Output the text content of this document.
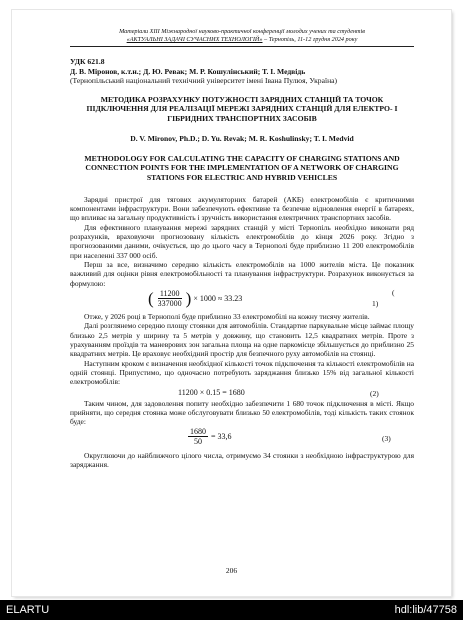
Матеріали XIII Міжнародної науково-практичної конференції молодих учених та студентів
«АКТУАЛЬНІ ЗАДАЧІ СУЧАСНИХ ТЕХНОЛОГІЙ» – Тернопіль, 11-12 грудня 2024 року
УДК 621.8
Д. В. Міронов, к.т.н.; Д. Ю. Ревак; М. Р. Кошулінський; Т. І. Медвідь
(Тернопільський національний технічний університет імені Івана Пулюя, Україна)
МЕТОДИКА РОЗРАХУНКУ ПОТУЖНОСТІ ЗАРЯДНИХ СТАНЦІЙ ТА ТОЧОК ПІДКЛЮЧЕННЯ ДЛЯ РЕАЛІЗАЦІЇ МЕРЕЖІ ЗАРЯДНИХ СТАНЦІЙ ДЛЯ ЕЛЕКТРО- І ГІБРИДНИХ ТРАНСПОРТНИХ ЗАСОБІВ
D. V. Mironov, Ph.D.; D. Yu. Revak; M. R. Koshulinsky; T. I. Medvid
METHODOLOGY FOR CALCULATING THE CAPACITY OF CHARGING STATIONS AND CONNECTION POINTS FOR THE IMPLEMENTATION OF A NETWORK OF CHARGING STATIONS FOR ELECTRIC AND HYBRID VEHICLES

Зарядні пристрої для тягових акумуляторних батарей (АКБ) електромобілів є критичними компонентами інфраструктури. Вони забезпечують ефективне та безпечне відновлення енергії в батареях, що впливає на загальну продуктивність і зручність використання електричних транспортних засобів.

Для ефективного планування мережі зарядних станцій у місті Тернопіль необхідно виконати ряд розрахунків, враховуючи прогнозовану кількість електромобілів до кінця 2026 року. Згідно з прогнозованими даними, очікується, що до цього часу в Тернополі буде приблизно 11 200 електромобілів при населенні 337 000 осіб.

Перш за все, визначимо середню кількість електромобілів на 1000 жителів міста. Це показник важливий для оцінки рівня електромобільності та планування інфраструктури. Розрахунок виконується за формулою:

( $\frac{11200}{337000}$ ) × 1000 ≈ 33.23
(
1)

Отже, у 2026 році в Тернополі буде приблизно 33 електромобілі на кожну тисячу жителів.

Далі розглянемо середню площу стоянки для автомобілів. Стандартне паркувальне місце займає площу близько 2,5 метрів у ширину та 5 метрів у довжину, що становить 12,5 квадратних метрів. Проте з урахуванням проїздів та маневрових зон загальна площа на одне паркомісце збільшується до приблизно 25 квадратних метрів. Це враховує необхідний простір для безпечного руху автомобілів на стоянці.

Наступним кроком є визначення необхідної кількості точок підключення та кількості електромобілів на одній стоянці. Припустимо, що одночасно потребують заряджання близько 15% від загальної кількості електромобілів:

11200 × 0.15 = 1680	(2)

Таким чином, для задоволення попиту необхідно забезпечити 1 680 точок підключення в місті. Якщо прийняти, що середня стоянка може обслуговувати близько 50 електромобілів, тоді кількість таких стоянок буде:

$\frac{1680}{50} = 33,6$	(3)

Округлюючи до найближчого цілого числа, отримуємо 34 стоянки з необхідною інфраструктурою для заряджання.

206
ELARTU	hdl:lib/47758
